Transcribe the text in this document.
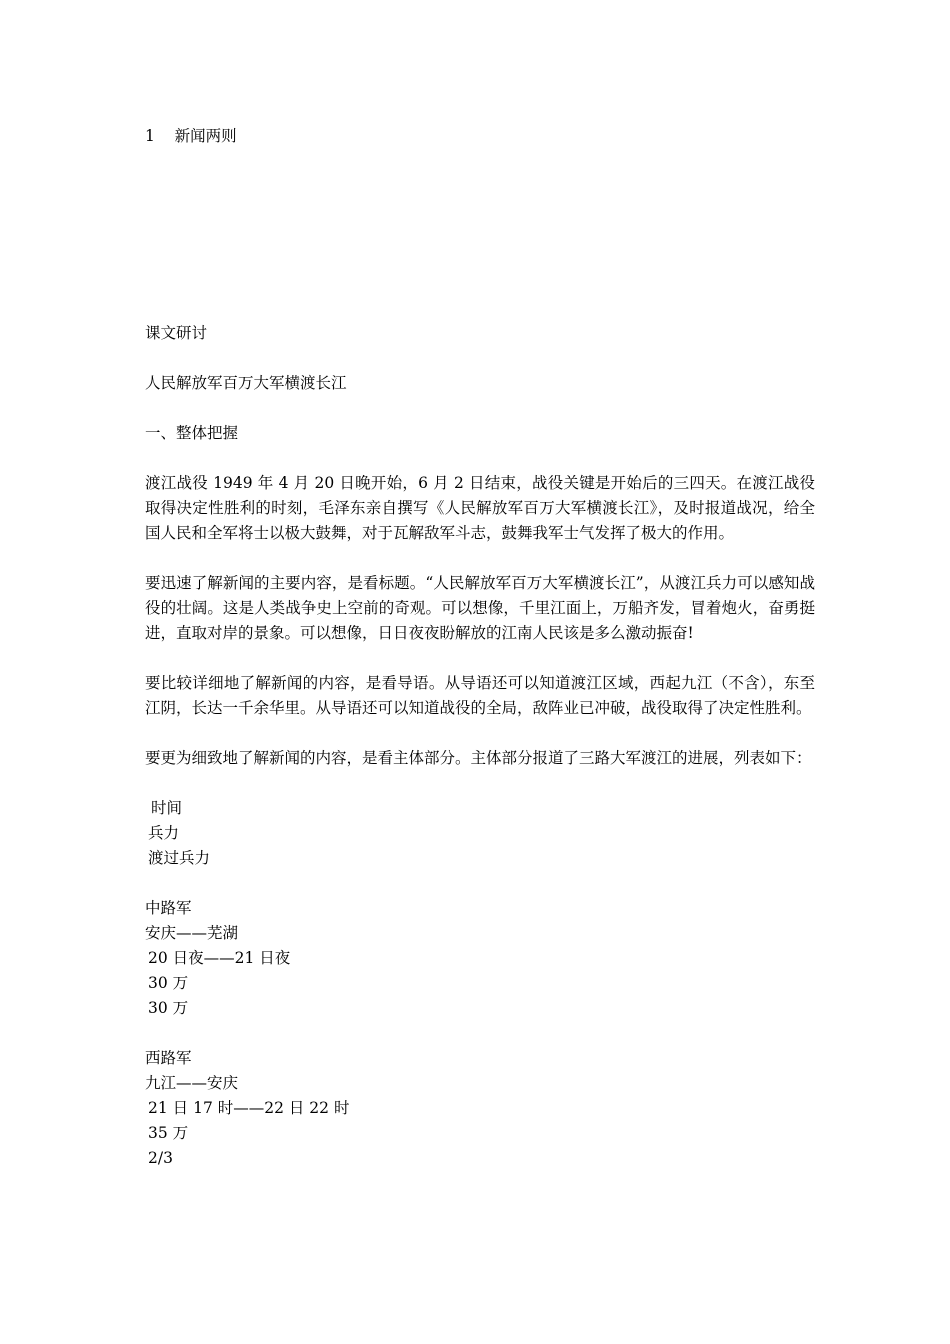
1 新闻两则

课文研讨

人民解放军百万大军横渡长江

一、整体把握

渡江战役 1949 年 4 月 20 日晚开始，6 月 2 日结束，战役关键是开始后的三四天。在渡江战役取得决定性胜利的时刻，毛泽东亲自撰写《人民解放军百万大军横渡长江》，及时报道战况，给全国人民和全军将士以极大鼓舞，对于瓦解敌军斗志，鼓舞我军士气发挥了极大的作用。

要迅速了解新闻的主要内容，是看标题。“人民解放军百万大军横渡长江”，从渡江兵力可以感知战役的壮阔。这是人类战争史上空前的奇观。可以想像，千里江面上，万船齐发，冒着炮火，奋勇挺进，直取对岸的景象。可以想像，日日夜夜盼解放的江南人民该是多么激动振奋!

要比较详细地了解新闻的内容，是看导语。从导语还可以知道渡江区域，西起九江（不含），东至江阴，长达一千余华里。从导语还可以知道战役的全局，敌阵业已冲破，战役取得了决定性胜利。

要更为细致地了解新闻的内容，是看主体部分。主体部分报道了三路大军渡江的进展，列表如下：

时间

兵力

渡过兵力

中路军

安庆——芜湖

20 日夜——21 日夜

30 万

30 万

西路军

九江——安庆

21 日 17 时——22 日 22 时

35 万

2/3
